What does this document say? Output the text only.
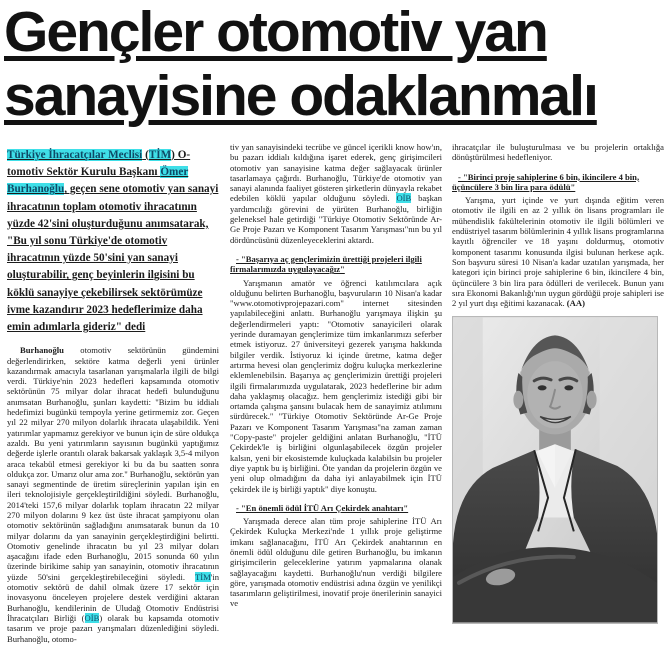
Gençler otomotiv yan
sanayisine odaklanmalı

Türkiye İhracatçılar Meclisi (TİM) O-tomotiv Sektör Kurulu Başkanı Ömer Burhanoğlu, geçen sene otomotiv yan sanayi ihracatının toplam otomotiv ihracatının yüzde 42'sini oluşturduğunu anımsatarak, "Bu yıl sonu Türkiye'de otomotiv ihracatının yüzde 50'sini yan sanayi oluşturabilir, genç beyinlerin ilgisini bu köklü sanayiye çekebilirsek sektörümüze ivme kazandırır 2023 hedeflerimize daha emin adımlarla gideriz" dedi

Burhanoğlu otomotiv sektörünün gündemini değerlendirirken, sektöre katma değerli yeni ürünler kazandırmak amacıyla tasarlanan yarışmalarla ilgili de bilgi verdi. Türkiye'nin 2023 hedefleri kapsamında otomotiv sektörünün 75 milyar dolar ihracat hedefi bulunduğunu anımsatan Burhanoğlu, şunları kaydetti: "Bizim bu iddialı hedefimizi bugünkü tempoyla yerine getirmemiz zor. Geçen yıl 22 milyar 270 milyon dolarlık ihracata ulaşabildik. Yeni yatırımlar yapmamız gerekiyor ve bunun için de süre oldukça azaldı. Bu yeni yatırımların sayısının bugünkü yaptığımız değerde işlerle orantılı olarak bakarsak yaklaşık 3,5-4 milyon araca tekabül etmesi gerekiyor ki bu da bu saatten sonra oldukça zor. Umarız olur ama zor." Burhanoğlu, sektörün yan sanayi segmentinde de üretim süreçlerinin yapılan işin en ileri teknolojisiyle gerçekleştirildiğini söyledi. Burhanoğlu, 2014'teki 157,6 milyar dolarlık toplam ihracatın 22 milyar 270 milyon dolarını 9 kez üst üste ihracat şampiyonu olan otomotiv sektörünün sağladığını anımsatarak bunun da 10 milyar dolarını da yan sanayinin gerçekleştirdiğini belirtti. Otomotiv genelinde ihracatın bu yıl 23 milyar doları aşacağını ifade eden Burhanoğlu, 2015 sonunda 60 yılın üzerinde birikime sahip yan sanayinin, otomotiv ihracatının yüzde 50'sini gerçekleştirebileceğini söyledi. TİM'in otomotiv sektörü de dahil olmak üzere 17 sektör için inovasyonu önceleyen projelere destek verdiğini aktaran Burhanoğlu, kendilerinin de Uludağ Otomotiv Endüstrisi İhracatçıları Birliği (OİB) olarak bu kapsamda otomotiv tasarım ve proje pazarı yarışmaları düzenlediğini söyledi. Burhanoğlu, otomo-

tiv yan sanayisindeki tecrübe ve güncel içerikli know how'ın, bu pazarı iddialı kıldığına işaret ederek, genç girişimcileri otomotiv yan sanayisine katma değer sağlayacak ürünler tasarlamaya çağırdı. Burhanoğlu, Türkiye'de otomotiv yan sanayi alanında faaliyet gösteren şirketlerin dünyayla rekabet edebilen köklü yapılar olduğunu söyledi. OİB başkan yardımcılığı görevini de yürüten Burhanoğlu, birliğin geleneksel hale getirdiği "Türkiye Otomotiv Sektöründe Ar-Ge Proje Pazarı ve Komponent Tasarım Yarışması"nın bu yıl dördüncüsünü düzenleyeceklerini aktardı.

- "Başarıya aç gençlerimizin ürettiği projeleri ilgili firmalarımızda uygulayacağız"

Yarışmanın amatör ve öğrenci katılımcılara açık olduğunu belirten Burhanoğlu, başvuruların 10 Nisan'a kadar "www.otomotivprojepazari.com" internet sitesinden yapılabileceğini anlattı. Burhanoğlu yarışmaya ilişkin şu değerlendirmeleri yaptı: "Otomotiv sanayicileri olarak yerinde duramayan gençlerimize tüm imkanlarımızı seferber etmek istiyoruz. 27 üniversiteyi gezerek yarışma hakkında bilgiler verdik. İstiyoruz ki içinde üretme, katma değer artırma hevesi olan gençlerimiz doğru kuluçka merkezlerine eklemlenebilsin. Başarıya aç gençlerimizin ürettiği projeleri ilgili firmalarımızda uygulatarak, 2023 hedeflerine bir adım daha yaklaşmış olacağız. hem gençlerimiz istediği gibi bir ortamda çalışma şansını bulacak hem de sanayimiz atılımını sürdürecek." "Türkiye Otomotiv Sektöründe Ar-Ge Proje Pazarı ve Komponent Tasarım Yarışması"na zaman zaman "Copy-paste" projeler geldiğini anlatan Burhanoğlu, "İTÜ Çekirdek'le iş birliğini olgunlaşabilecek özgün projeler kalsın, yeni bir ekosistemde kuluçkada kalabilsin bu projeler diye yaptık bu iş birliğini. Öte yandan da projelerin özgün ve yeni olup olmadığını da daha iyi anlayabilmek için İTÜ çekirdek ile iş birliği yaptık" diye konuştu.

- "En önemli ödül İTÜ Arı Çekirdek anahtarı"

Yarışmada derece alan tüm proje sahiplerine İTÜ Arı Çekirdek Kuluçka Merkezi'nde 1 yıllık proje geliştirme imkanı sağlanacağını, İTÜ Arı Çekirdek anahtarının en önemli ödül olduğunu dile getiren Burhanoğlu, bu imkanın girişimcilerin geleceklerine yatırım yapmalarına olanak sağlayacağını kaydetti. Burhanoğlu'nun verdiği bilgilere göre, yarışmada otomotiv endüstrisi adına özgün ve yenilikçi tasarımların geliştirilmesi, inovatif proje önerilerinin sanayici ve

ihracatçılar ile buluşturulması ve bu projelerin ortaklığa dönüştürülmesi hedefleniyor.

- "Birinci proje sahiplerine 6 bin, ikincilere 4 bin, üçüncülere 3 bin lira para ödülü"

Yarışma, yurt içinde ve yurt dışında eğitim veren otomotiv ile ilgili en az 2 yıllık ön lisans programları ile mühendislik fakültelerinin otomotiv ile ilgili bölümleri ve endüstriyel tasarım bölümlerinin 4 yıllık lisans programlarına kayıtlı öğrenciler ve 18 yaşını doldurmuş, otomotiv komponent tasarımı konusunda ilgisi bulunan herkese açık. Son başvuru süresi 10 Nisan'a kadar uzatılan yarışmada, her kategori için birinci proje sahiplerine 6 bin, ikincilere 4 bin, üçüncülere 3 bin lira para ödülleri de verilecek. Bunun yanı sıra Ekonomi Bakanlığı'nın uygun gördüğü proje sahipleri ise 2 yıl yurt dışı eğitimi kazanacak. (AA)
